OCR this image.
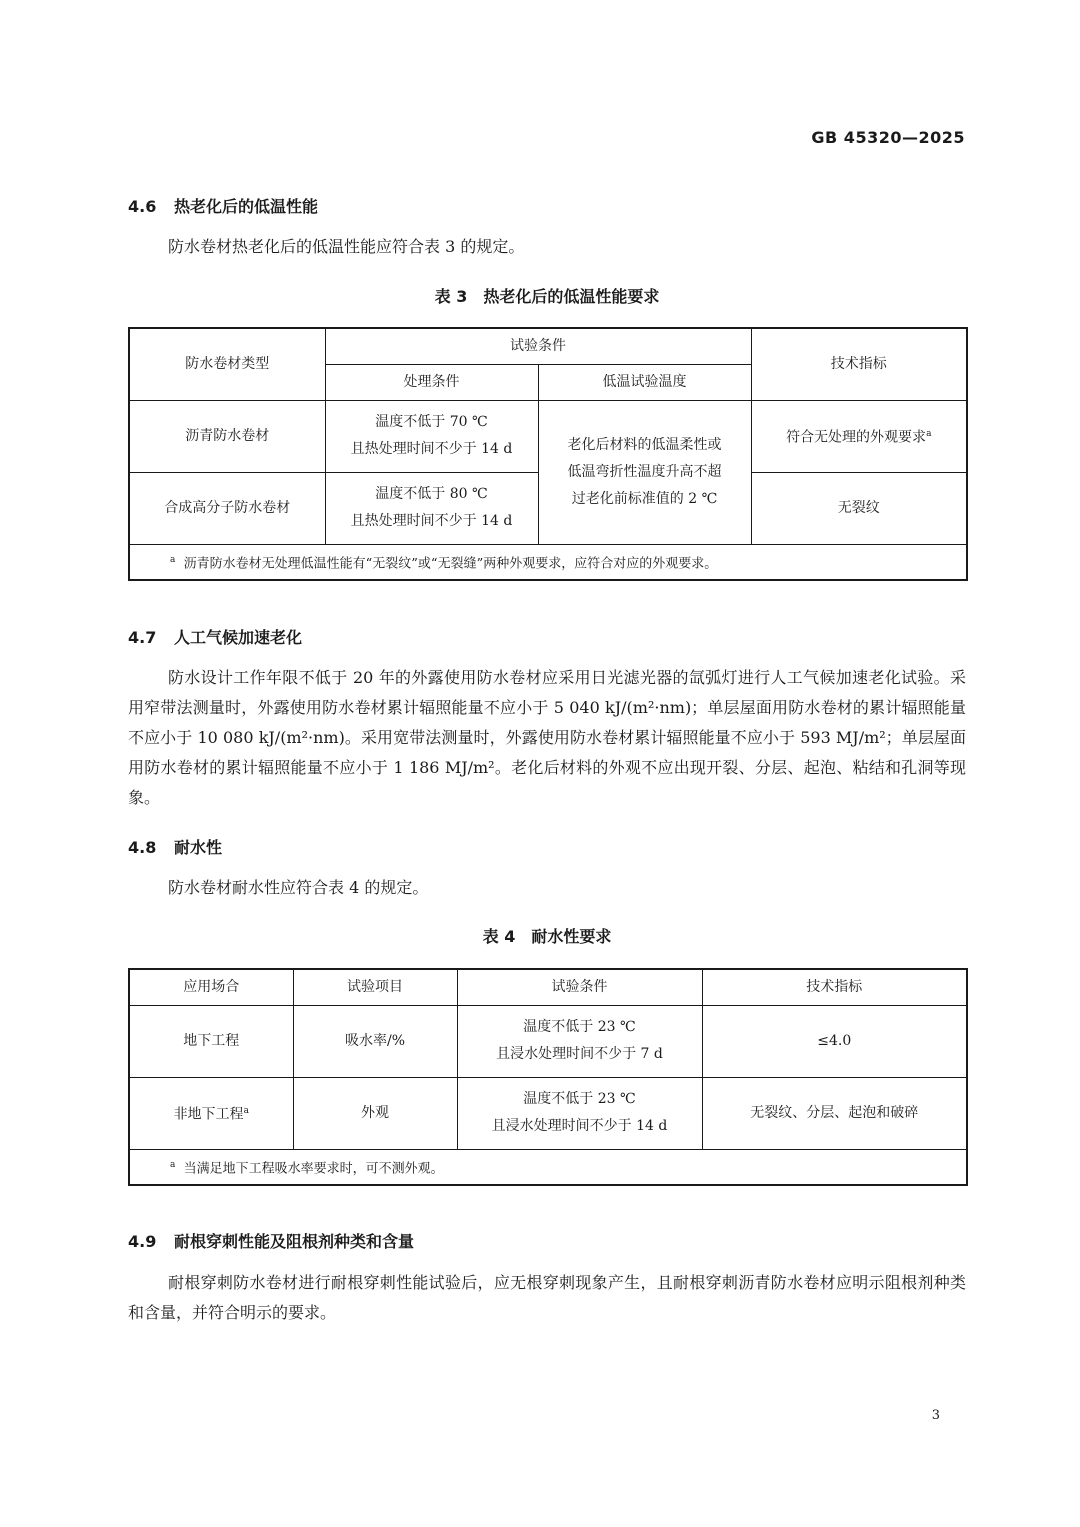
GB 45320—2025
4.6 热老化后的低温性能

防水卷材热老化后的低温性能应符合表 3 的规定。

表 3　热老化后的低温性能要求
防水卷材类型	试验条件		技术指标
	处理条件	低温试验温度	
沥青防水卷材	温度不低于 70 ℃
且热处理时间不少于 14 d	老化后材料的低温柔性或
低温弯折性温度升高不超
过老化前标准值的 2 ℃	符合无处理的外观要求$^a$
合成高分子防水卷材	温度不低于 80 ℃
且热处理时间不少于 14 d		无裂纹
$^a$ 沥青防水卷材无处理低温性能有“无裂纹”或“无裂缝”两种外观要求，应符合对应的外观要求。			
4.7 人工气候加速老化

防水设计工作年限不低于 20 年的外露使用防水卷材应采用日光滤光器的氙弧灯进行人工气候加速老化试验。采用窄带法测量时，外露使用防水卷材累计辐照能量不应小于 5 040 kJ/(m²·nm)；单层屋面用防水卷材的累计辐照能量不应小于 10 080 kJ/(m²·nm)。采用宽带法测量时，外露使用防水卷材累计辐照能量不应小于 593 MJ/m²；单层屋面用防水卷材的累计辐照能量不应小于 1 186 MJ/m²。老化后材料的外观不应出现开裂、分层、起泡、粘结和孔洞等现象。

4.8 耐水性

防水卷材耐水性应符合表 4 的规定。

表 4　耐水性要求
应用场合	试验项目	试验条件	技术指标
地下工程	吸水率/%	温度不低于 23 ℃
且浸水处理时间不少于 7 d	≤4.0
非地下工程$^a$	外观	温度不低于 23 ℃
且浸水处理时间不少于 14 d	无裂纹、分层、起泡和破碎
$^a$ 当满足地下工程吸水率要求时，可不测外观。			
4.9 耐根穿刺性能及阻根剂种类和含量

耐根穿刺防水卷材进行耐根穿刺性能试验后，应无根穿刺现象产生，且耐根穿刺沥青防水卷材应明示阻根剂种类和含量，并符合明示的要求。

3
